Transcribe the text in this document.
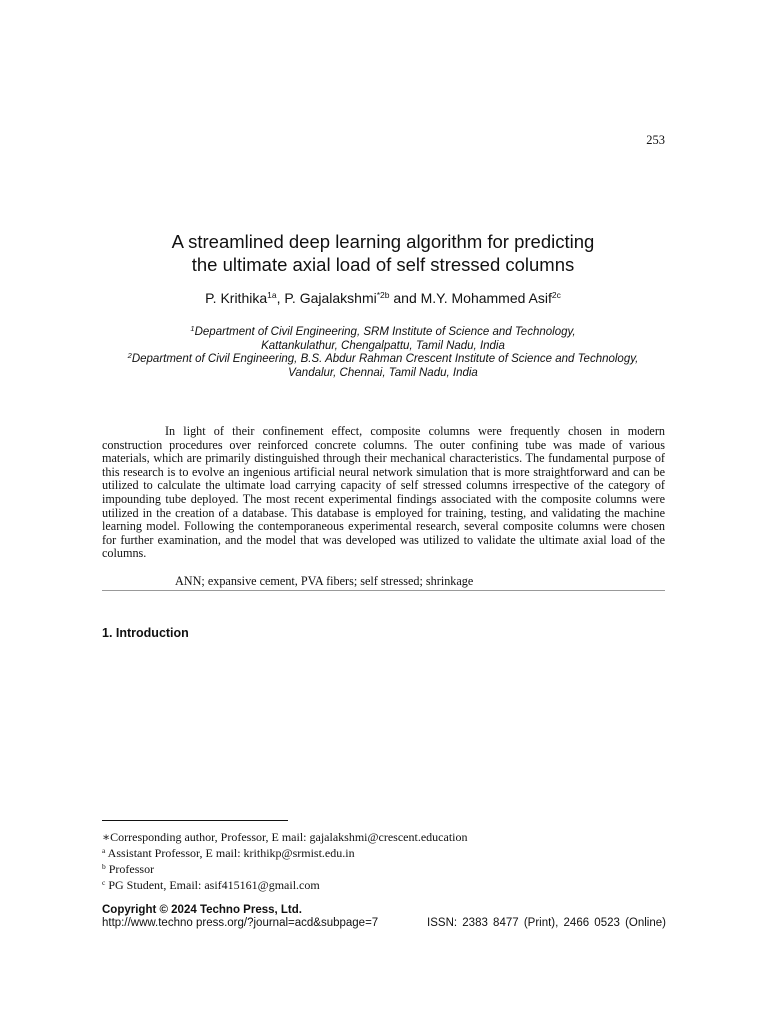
253
A streamlined deep learning algorithm for predicting
the ultimate axial load of self stressed columns
P. Krithika$^{1a}$, P. Gajalakshmi$^{*2b}$ and M.Y. Mohammed Asif$^{2c}$
$^1$Department of Civil Engineering, SRM Institute of Science and Technology,
Kattankulathur, Chengalpattu, Tamil Nadu, India
$^2$Department of Civil Engineering, B.S. Abdur Rahman Crescent Institute of Science and Technology,
Vandalur, Chennai, Tamil Nadu, India

In light of their confinement effect, composite columns were frequently chosen in modern construction procedures over reinforced concrete columns. The outer confining tube was made of various materials, which are primarily distinguished through their mechanical characteristics. The fundamental purpose of this research is to evolve an ingenious artificial neural network simulation that is more straightforward and can be utilized to calculate the ultimate load carrying capacity of self stressed columns irrespective of the category of impounding tube deployed. The most recent experimental findings associated with the composite columns were utilized in the creation of a database. This database is employed for training, testing, and validating the machine learning model. Following the contemporaneous experimental research, several composite columns were chosen for further examination, and the model that was developed was utilized to validate the ultimate axial load of the columns.

ANN; expansive cement, PVA fibers; self stressed; shrinkage
1. Introduction
∗Corresponding author, Professor, E mail: gajalakshmi@crescent.education
$^a$ Assistant Professor, E mail: krithikp@srmist.edu.in
$^b$ Professor
$^c$ PG Student, Email: asif415161@gmail.com
Copyright © 2024 Techno Press, Ltd.
http://www.techno press.org/?journal=acd&subpage=7	ISSN: 2383 8477 (Print), 2466 0523 (Online)
